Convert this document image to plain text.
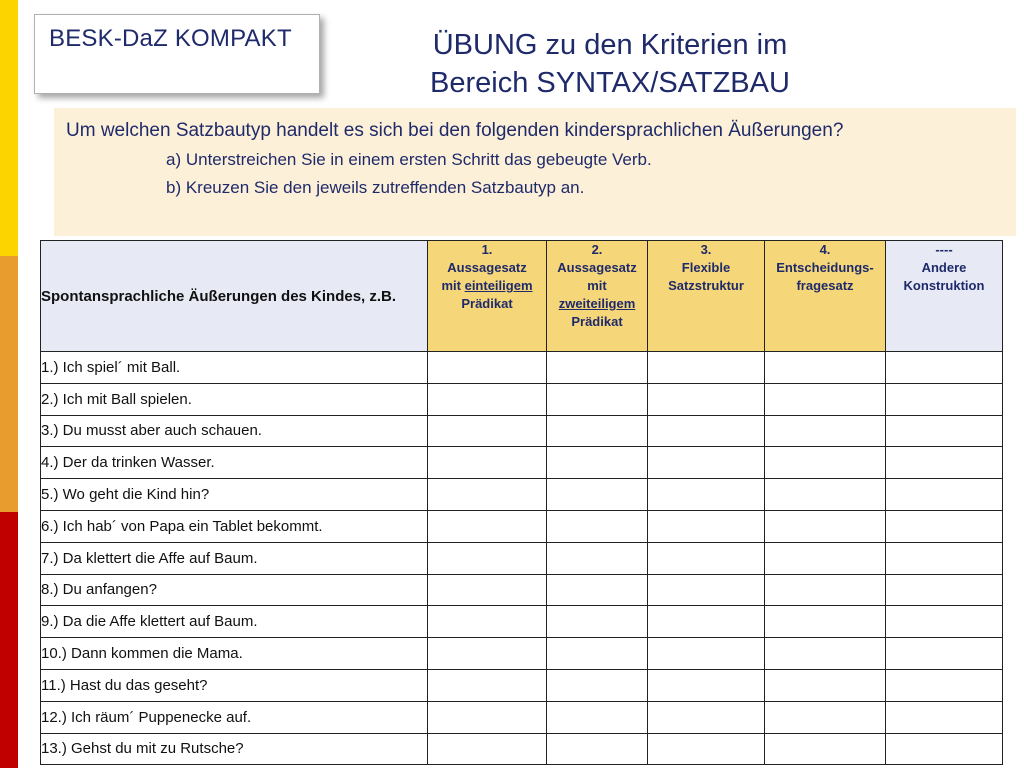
BESK-DaZ KOMPAKT	ÜBUNG zu den Kriterien im
Bereich SYNTAX/SATZBAU
Um welchen Satzbautyp handelt es sich bei den folgenden kindersprachlichen Äußerungen?
a) Unterstreichen Sie in einem ersten Schritt das gebeugte Verb.
b) Kreuzen Sie den jeweils zutreffenden Satzbautyp an.
Spontansprachliche Äußerungen des Kindes, z.B.	1.
Aussagesatz
mit einteiligem
Prädikat	2.
Aussagesatz
mit
zweiteiligem
Prädikat	3.
Flexible
Satzstruktur	4.
Entscheidungs-
fragesatz	----
Andere
Konstruktion
1.) Ich spiel´ mit Ball.					
2.) Ich mit Ball spielen.					
3.) Du musst aber auch schauen.					
4.) Der da trinken Wasser.					
5.) Wo geht die Kind hin?					
6.) Ich hab´ von Papa ein Tablet bekommt.					
7.) Da klettert die Affe auf Baum.					
8.) Du anfangen?					
9.) Da die Affe klettert auf Baum.					
10.) Dann kommen die Mama.					
11.) Hast du das geseht?					
12.) Ich räum´ Puppenecke auf.					
13.) Gehst du mit zu Rutsche?					
